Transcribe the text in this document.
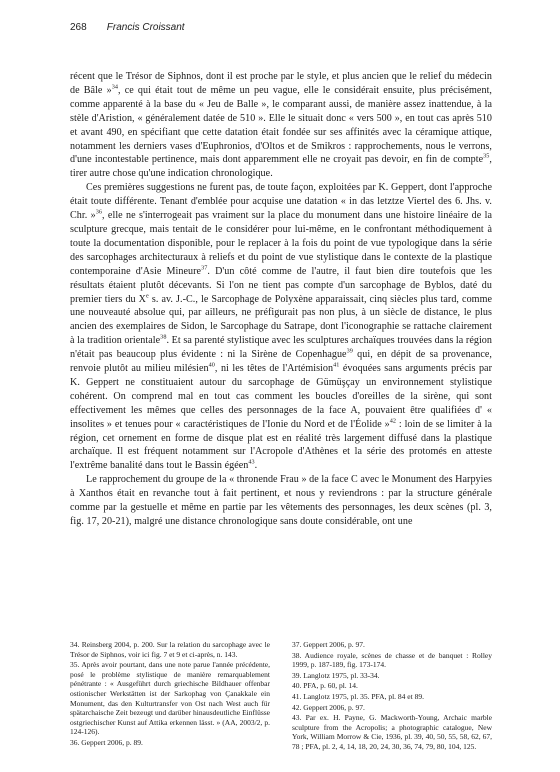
268 Francis Croissant

récent que le Trésor de Siphnos, dont il est proche par le style, et plus ancien que le relief du médecin de Bâle »$^{34}$, ce qui était tout de même un peu vague, elle le considérait ensuite, plus précisément, comme apparenté à la base du « Jeu de Balle », le comparant aussi, de manière assez inattendue, à la stèle d'Aristion, « généralement datée de 510 ». Elle le situait donc « vers 500 », en tout cas après 510 et avant 490, en spécifiant que cette datation était fondée sur ses affinités avec la céramique attique, notamment les derniers vases d'Euphronios, d'Oltos et de Smikros : rapprochements, nous le verrons, d'une incontestable pertinence, mais dont apparemment elle ne croyait pas devoir, en fin de compte$^{35}$, tirer autre chose qu'une indication chronologique.

Ces premières suggestions ne furent pas, de toute façon, exploitées par K. Geppert, dont l'approche était toute différente. Tenant d'emblée pour acquise une datation « in das letztze Viertel des 6. Jhs. v. Chr. »$^{36}$, elle ne s'interrogeait pas vraiment sur la place du monument dans une histoire linéaire de la sculpture grecque, mais tentait de le considérer pour lui-même, en le confrontant méthodiquement à toute la documentation disponible, pour le replacer à la fois du point de vue typologique dans la série des sarcophages architecturaux à reliefs et du point de vue stylistique dans le contexte de la plastique contemporaine d'Asie Mineure$^{37}$. D'un côté comme de l'autre, il faut bien dire toutefois que les résultats étaient plutôt décevants. Si l'on ne tient pas compte d'un sarcophage de Byblos, daté du premier tiers du Xe s. av. J.-C., le Sarcophage de Polyxène apparaissait, cinq siècles plus tard, comme une nouveauté absolue qui, par ailleurs, ne préfigurait pas non plus, à un siècle de distance, le plus ancien des exemplaires de Sidon, le Sarcophage du Satrape, dont l'iconographie se rattache clairement à la tradition orientale$^{38}$. Et sa parenté stylistique avec les sculptures archaïques trouvées dans la région n'était pas beaucoup plus évidente : ni la Sirène de Copenhague$^{39}$ qui, en dépit de sa provenance, renvoie plutôt au milieu milésien$^{40}$, ni les têtes de l'Artémision$^{41}$ évoquées sans arguments précis par K. Geppert ne constituaient autour du sarcophage de Gümüşçay un environnement stylistique cohérent. On comprend mal en tout cas comment les boucles d'oreilles de la sirène, qui sont effectivement les mêmes que celles des personnages de la face A, pouvaient être qualifiées d' « insolites » et tenues pour « caractéristiques de l'Ionie du Nord et de l'Éolide »$^{42}$ : loin de se limiter à la région, cet ornement en forme de disque plat est en réalité très largement diffusé dans la plastique archaïque. Il est fréquent notamment sur l'Acropole d'Athènes et la série des protomés en atteste l'extrême banalité dans tout le Bassin égéen$^{43}$.

Le rapprochement du groupe de la « thronende Frau » de la face C avec le Monument des Harpyies à Xanthos était en revanche tout à fait pertinent, et nous y reviendrons : par la structure générale comme par la gestuelle et même en partie par les vêtements des personnages, les deux scènes (pl. 3, fig. 17, 20-21), malgré une distance chronologique sans doute considérable, ont une

34. Reinsberg 2004, p. 200. Sur la relation du sarcophage avec le Trésor de Siphnos, voir ici fig. 7 et 9 et ci-après, n. 143.
35. Après avoir pourtant, dans une note parue l'année précédente, posé le problème stylistique de manière remarquablement pénétrante : « Ausgeführt durch griechische Bildhauer offenbar ostionischer Werkstätten ist der Sarkophag von Çanakkale ein Monument, das den Kulturtransfer von Ost nach West auch für spätarchaische Zeit bezeugt und darüber hinausdeutliche Einflüsse ostgriechischer Kunst auf Attika erkennen lässt. » (AA, 2003/2, p. 124-126).
36. Geppert 2006, p. 89.
37. Geppert 2006, p. 97.
38. Audience royale, scènes de chasse et de banquet : Rolley 1999, p. 187-189, fig. 173-174.
39. Langlotz 1975, pl. 33-34.
40. PFA, p. 60, pl. 14.
41. Langlotz 1975, pl. 35. PFA, pl. 84 et 89.
42. Geppert 2006, p. 97.
43. Par ex. H. Payne, G. Mackworth-Young, Archaic marble sculpture from the Acropolis; a photographic catalogue, New York, William Morrow & Cie, 1936, pl. 39, 40, 50, 55, 58, 62, 67, 78 ; PFA, pl. 2, 4, 14, 18, 20, 24, 30, 36, 74, 79, 80, 104, 125.
